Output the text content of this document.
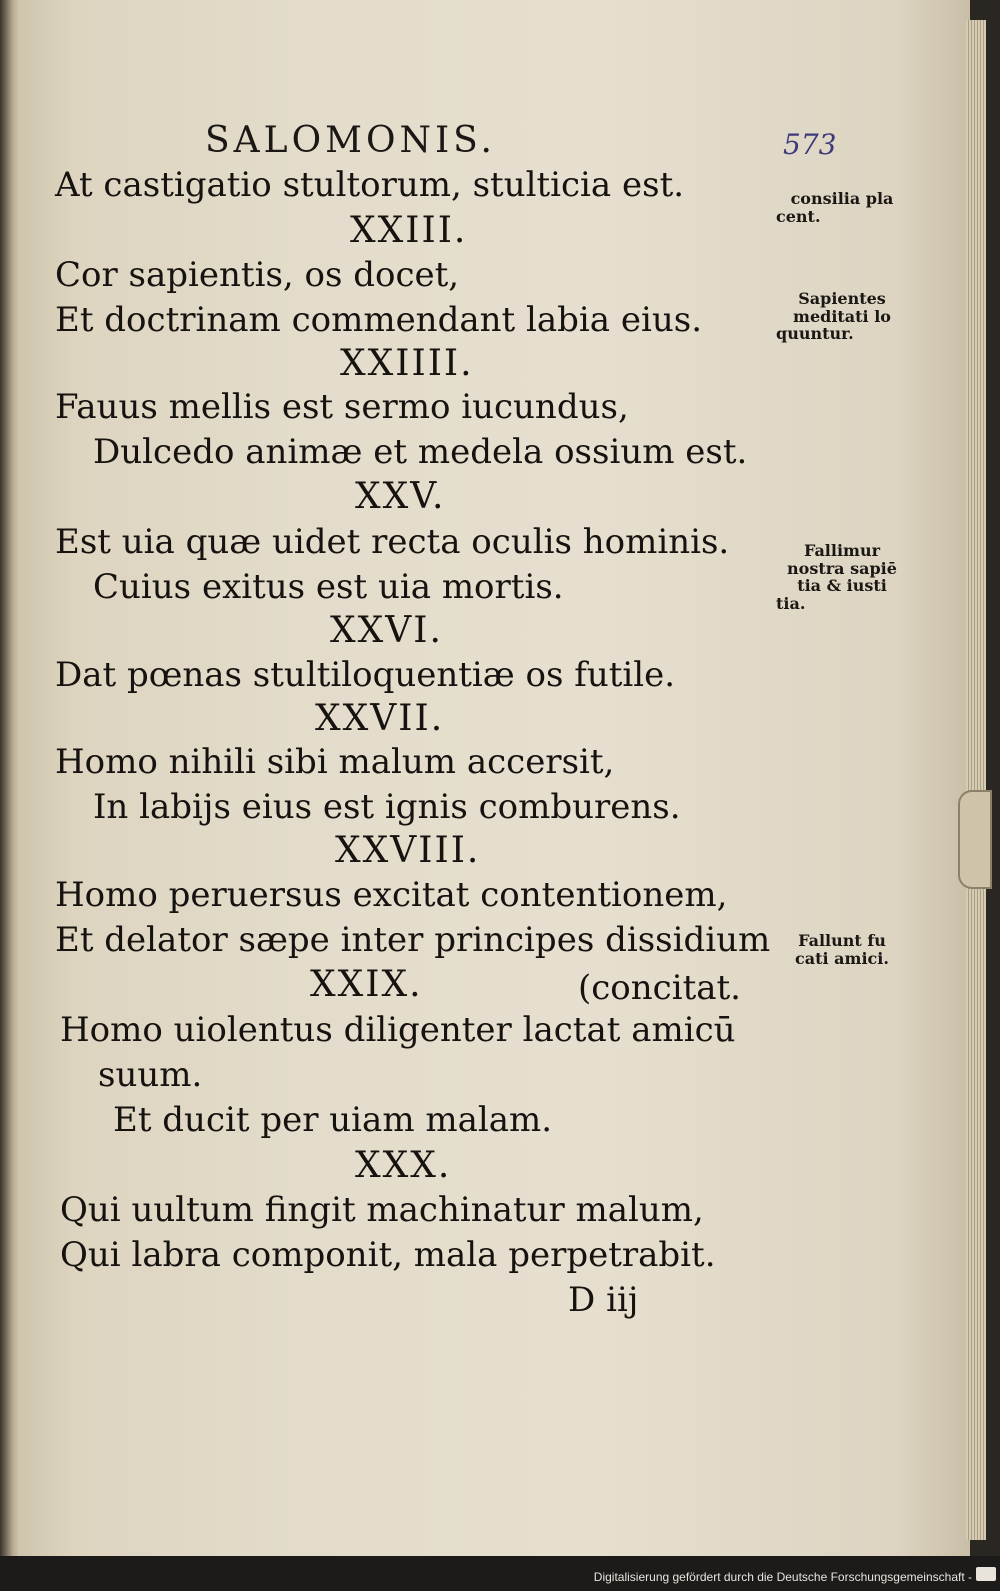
SALOMONIS.	573
At castigatio stultorum, stulticia est.
XXIII.
Cor sapientis, os docet,
Et doctrinam commendant labia eius.
XXIIII.
Fauus mellis est sermo iucundus,
Dulcedo animæ et medela ossium est.
XXV.
Est uia quæ uidet recta oculis hominis.
Cuius exitus est uia mortis.
XXVI.
Dat pœnas stultiloquentiæ os futile.
XXVII.
Homo nihili sibi malum accersit,
In labijs eius est ignis comburens.
XXVIII.
Homo peruersus excitat contentionem,
Et delator sæpe inter principes dissidium
XXIX.	(concitat.
Homo uiolentus diligenter lactat amicū
suum.
Et ducit per uiam malam.
XXX.
Qui uultum fingit machinatur malum,
Qui labra componit, mala perpetrabit.
D iij
consilia pla
cent.
Sapientes
meditati lo
quuntur.
Fallimur
nostra sapiē
tia & iusti
tia.
Fallunt fu
cati amici.
Digitalisierung gefördert durch die Deutsche Forschungsgemeinschaft -
